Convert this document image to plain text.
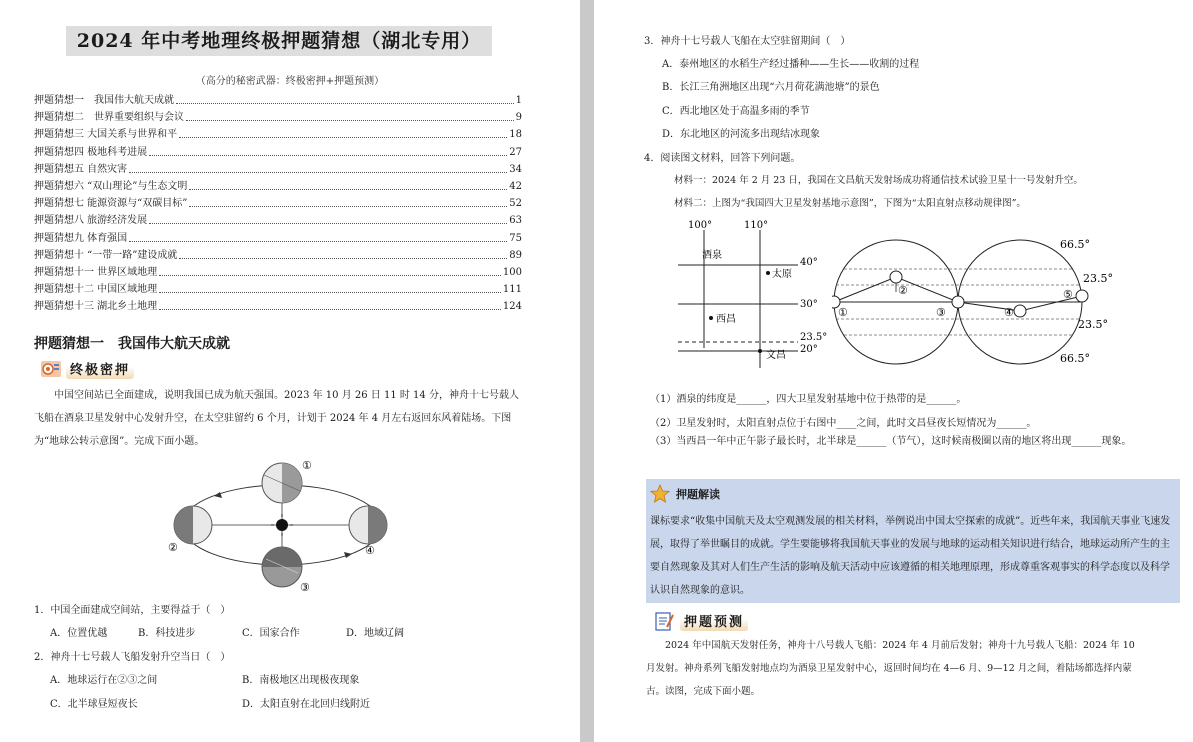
2024 年中考地理终极押题猜想（湖北专用）
（高分的秘密武器：终极密押+押题预测）
押题猜想一　我国伟大航天成就	1
押题猜想二　世界重要组织与会议	9
押题猜想三 大国关系与世界和平	18
押题猜想四 极地科考进展	27
押题猜想五 自然灾害	34
押题猜想六 “双山理论”与生态文明	42
押题猜想七 能源资源与“双碳目标”	52
押题猜想八 旅游经济发展	63
押题猜想九 体育强国	75
押题猜想十 “一带一路”建设成就	89
押题猜想十一 世界区域地理	100
押题猜想十二 中国区域地理	111
押题猜想十三 湖北乡土地理	124
押题猜想一　我国伟大航天成就
终极密押
中国空间站已全面建成，说明我国已成为航天强国。2023 年 10 月 26 日 11 时 14 分，神舟十七号载人飞船在酒泉卫星发射中心发射升空，在太空驻留约 6 个月，计划于 2024 年 4 月左右返回东风着陆场。下图为“地球公转示意图”。完成下面小题。
①
②
③
④
1．中国全面建成空间站，主要得益于（　）
A．位置优越	B．科技进步	C．国家合作	D．地域辽阔
2．神舟十七号载人飞船发射升空当日（　）
A．地球运行在②③之间	B．南极地区出现极夜现象
C．北半球昼短夜长	D．太阳直射在北回归线附近
3．神舟十七号载人飞船在太空驻留期间（　）
A．泰州地区的水稻生产经过播种——生长——收割的过程
B．长江三角洲地区出现“六月荷花满池塘”的景色
C．西北地区处于高温多雨的季节
D．东北地区的河流多出现结冰现象
4．阅读图文材料，回答下列问题。
材料一：2024 年 2 月 23 日，我国在文昌航天发射场成功将通信技术试验卫星十一号发射升空。
材料二：上图为“我国四大卫星发射基地示意图”，下图为“太阳直射点移动规律图”。
100°	110°
40°
30°
23.5°
20°
酒泉
太原
西昌
文昌
①
②
③	④
⑤
66.5°
23.5°
23.5°
66.5°
（1）酒泉的纬度是______，四大卫星发射基地中位于热带的是______。
（2）卫星发射时，太阳直射点位于右图中____之间，此时文昌昼夜长短情况为______。
（3）当西昌一年中正午影子最长时，北半球是______（节气），这时候南极圈以南的地区将出现______现象。
押题解读
课标要求“收集中国航天及太空观测发展的相关材料，举例说出中国太空探索的成就”。近些年来，我国航天事业飞速发展，取得了举世瞩目的成就。学生要能够将我国航天事业的发展与地球的运动相关知识进行结合，地球运动所产生的主要自然现象及其对人们生产生活的影响及航天活动中应该遵循的相关地理原理，形成尊重客观事实的科学态度以及科学认识自然现象的意识。
押题预测
2024 年中国航天发射任务，神舟十八号载人飞船：2024 年 4 月前后发射；神舟十九号载人飞船：2024 年 10 月发射。神舟系列飞船发射地点均为酒泉卫星发射中心，返回时间均在 4—6 月、9—12 月之间，着陆场都选择内蒙古。读图，完成下面小题。
